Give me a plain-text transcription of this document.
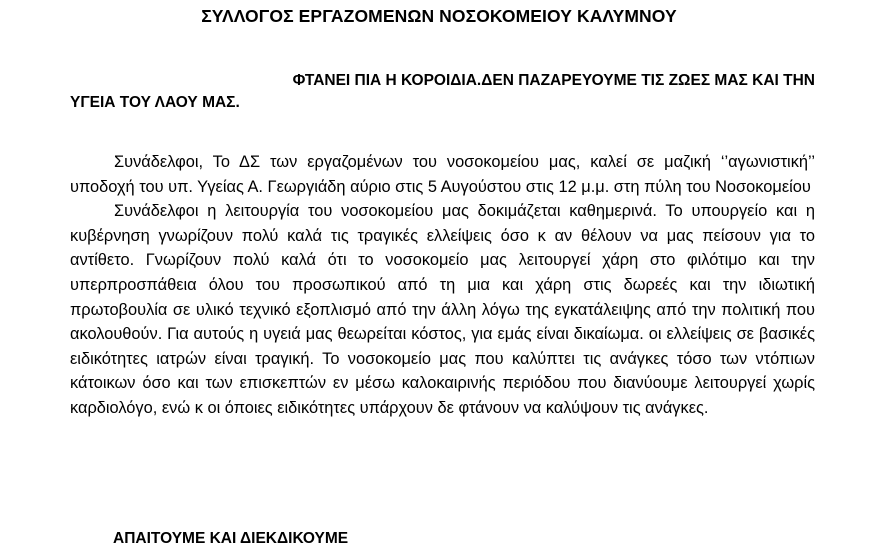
ΣΥΛΛΟΓΟΣ ΕΡΓΑΖΟΜΕΝΩΝ ΝΟΣΟΚΟΜΕΙΟΥ ΚΑΛΥΜΝΟΥ
ΦΤΑΝΕΙ ΠΙΑ Η ΚΟΡΟΙΔΙΑ.ΔΕΝ ΠΑΖΑΡΕΥΟΥΜΕ ΤΙΣ ΖΩΕΣ ΜΑΣ ΚΑΙ ΤΗΝ
ΥΓΕΙΑ ΤΟΥ ΛΑΟΥ ΜΑΣ.

Συνάδελφοι, Το ΔΣ των εργαζομένων του νοσοκομείου μας, καλεί σε μαζική ‘’αγωνιστική’’ υποδοχή του υπ. Υγείας Α. Γεωργιάδη αύριο στις 5 Αυγούστου στις 12 μ.μ. στη πύλη του Νοσοκομείου

Συνάδελφοι η λειτουργία του νοσοκομείου μας δοκιμάζεται καθημερινά. Το υπουργείο και η κυβέρνηση γνωρίζουν πολύ καλά τις τραγικές ελλείψεις όσο κ αν θέλουν να μας πείσουν για το αντίθετο. Γνωρίζουν πολύ καλά ότι το νοσοκομείο μας λειτουργεί χάρη στο φιλότιμο και την υπερπροσπάθεια όλου του προσωπικού από τη μια και χάρη στις δωρεές και την ιδιωτική πρωτοβουλία σε υλικό τεχνικό εξοπλισμό από την άλλη λόγω της εγκατάλειψης από την πολιτική που ακολουθούν. Για αυτούς η υγειά μας θεωρείται κόστος, για εμάς είναι δικαίωμα. οι ελλείψεις σε βασικές ειδικότητες ιατρών είναι τραγική. Το νοσοκομείο μας που καλύπτει τις ανάγκες τόσο των ντόπιων κάτοικων όσο και των επισκεπτών εν μέσω καλοκαιρινής περιόδου που διανύουμε λειτουργεί χωρίς καρδιολόγο, ενώ κ οι όποιες ειδικότητες υπάρχουν δε φτάνουν να καλύψουν τις ανάγκες.

ΑΠΑΙΤΟΥΜΕ ΚΑΙ ΔΙΕΚΔΙΚΟΥΜΕ
